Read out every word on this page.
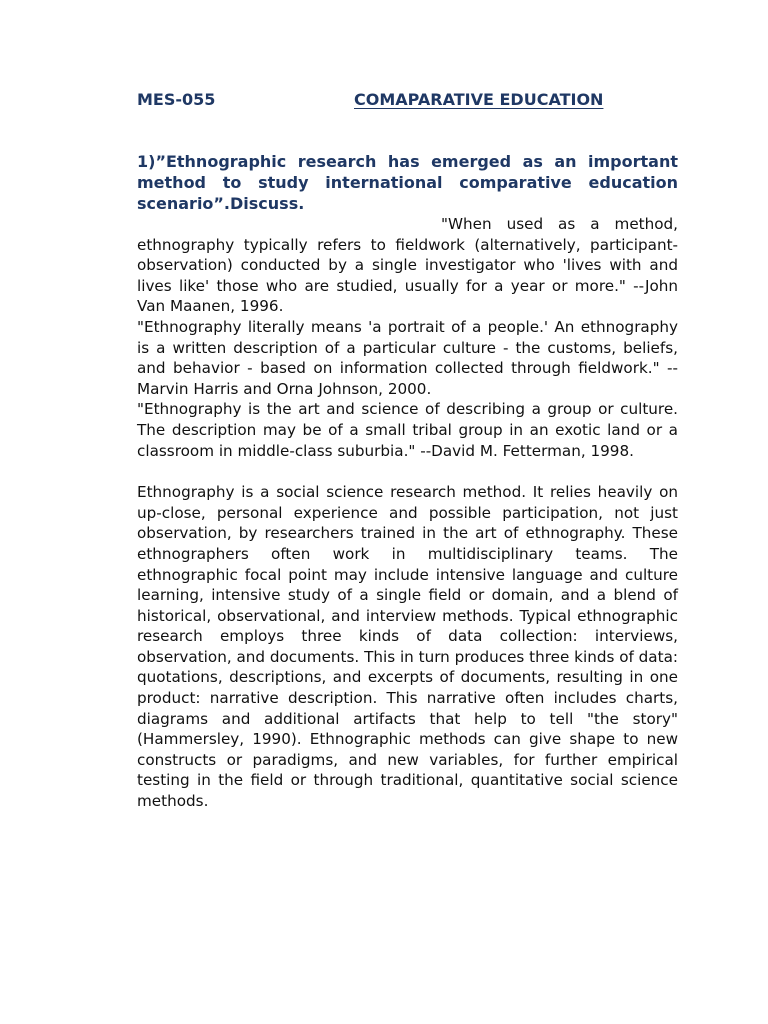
MES-055	COMAPARATIVE EDUCATION
1)”Ethnographic research has emerged as an important method to study international comparative education scenario”.Discuss.

"When used as a method, ethnography typically refers to fieldwork (alternatively, participant-observation) conducted by a single investigator who 'lives with and lives like' those who are studied, usually for a year or more." --John Van Maanen, 1996.

"Ethnography literally means 'a portrait of a people.' An ethnography is a written description of a particular culture - the customs, beliefs, and behavior - based on information collected through fieldwork." --Marvin Harris and Orna Johnson, 2000.

"Ethnography is the art and science of describing a group or culture. The description may be of a small tribal group in an exotic land or a classroom in middle-class suburbia." --David M. Fetterman, 1998.

Ethnography is a social science research method. It relies heavily on up-close, personal experience and possible participation, not just observation, by researchers trained in the art of ethnography. These ethnographers often work in multidisciplinary teams. The ethnographic focal point may include intensive language and culture learning, intensive study of a single field or domain, and a blend of historical, observational, and interview methods. Typical ethnographic research employs three kinds of data collection: interviews, observation, and documents. This in turn produces three kinds of data: quotations, descriptions, and excerpts of documents, resulting in one product: narrative description. This narrative often includes charts, diagrams and additional artifacts that help to tell "the story" (Hammersley, 1990). Ethnographic methods can give shape to new constructs or paradigms, and new variables, for further empirical testing in the field or through traditional, quantitative social science methods.
